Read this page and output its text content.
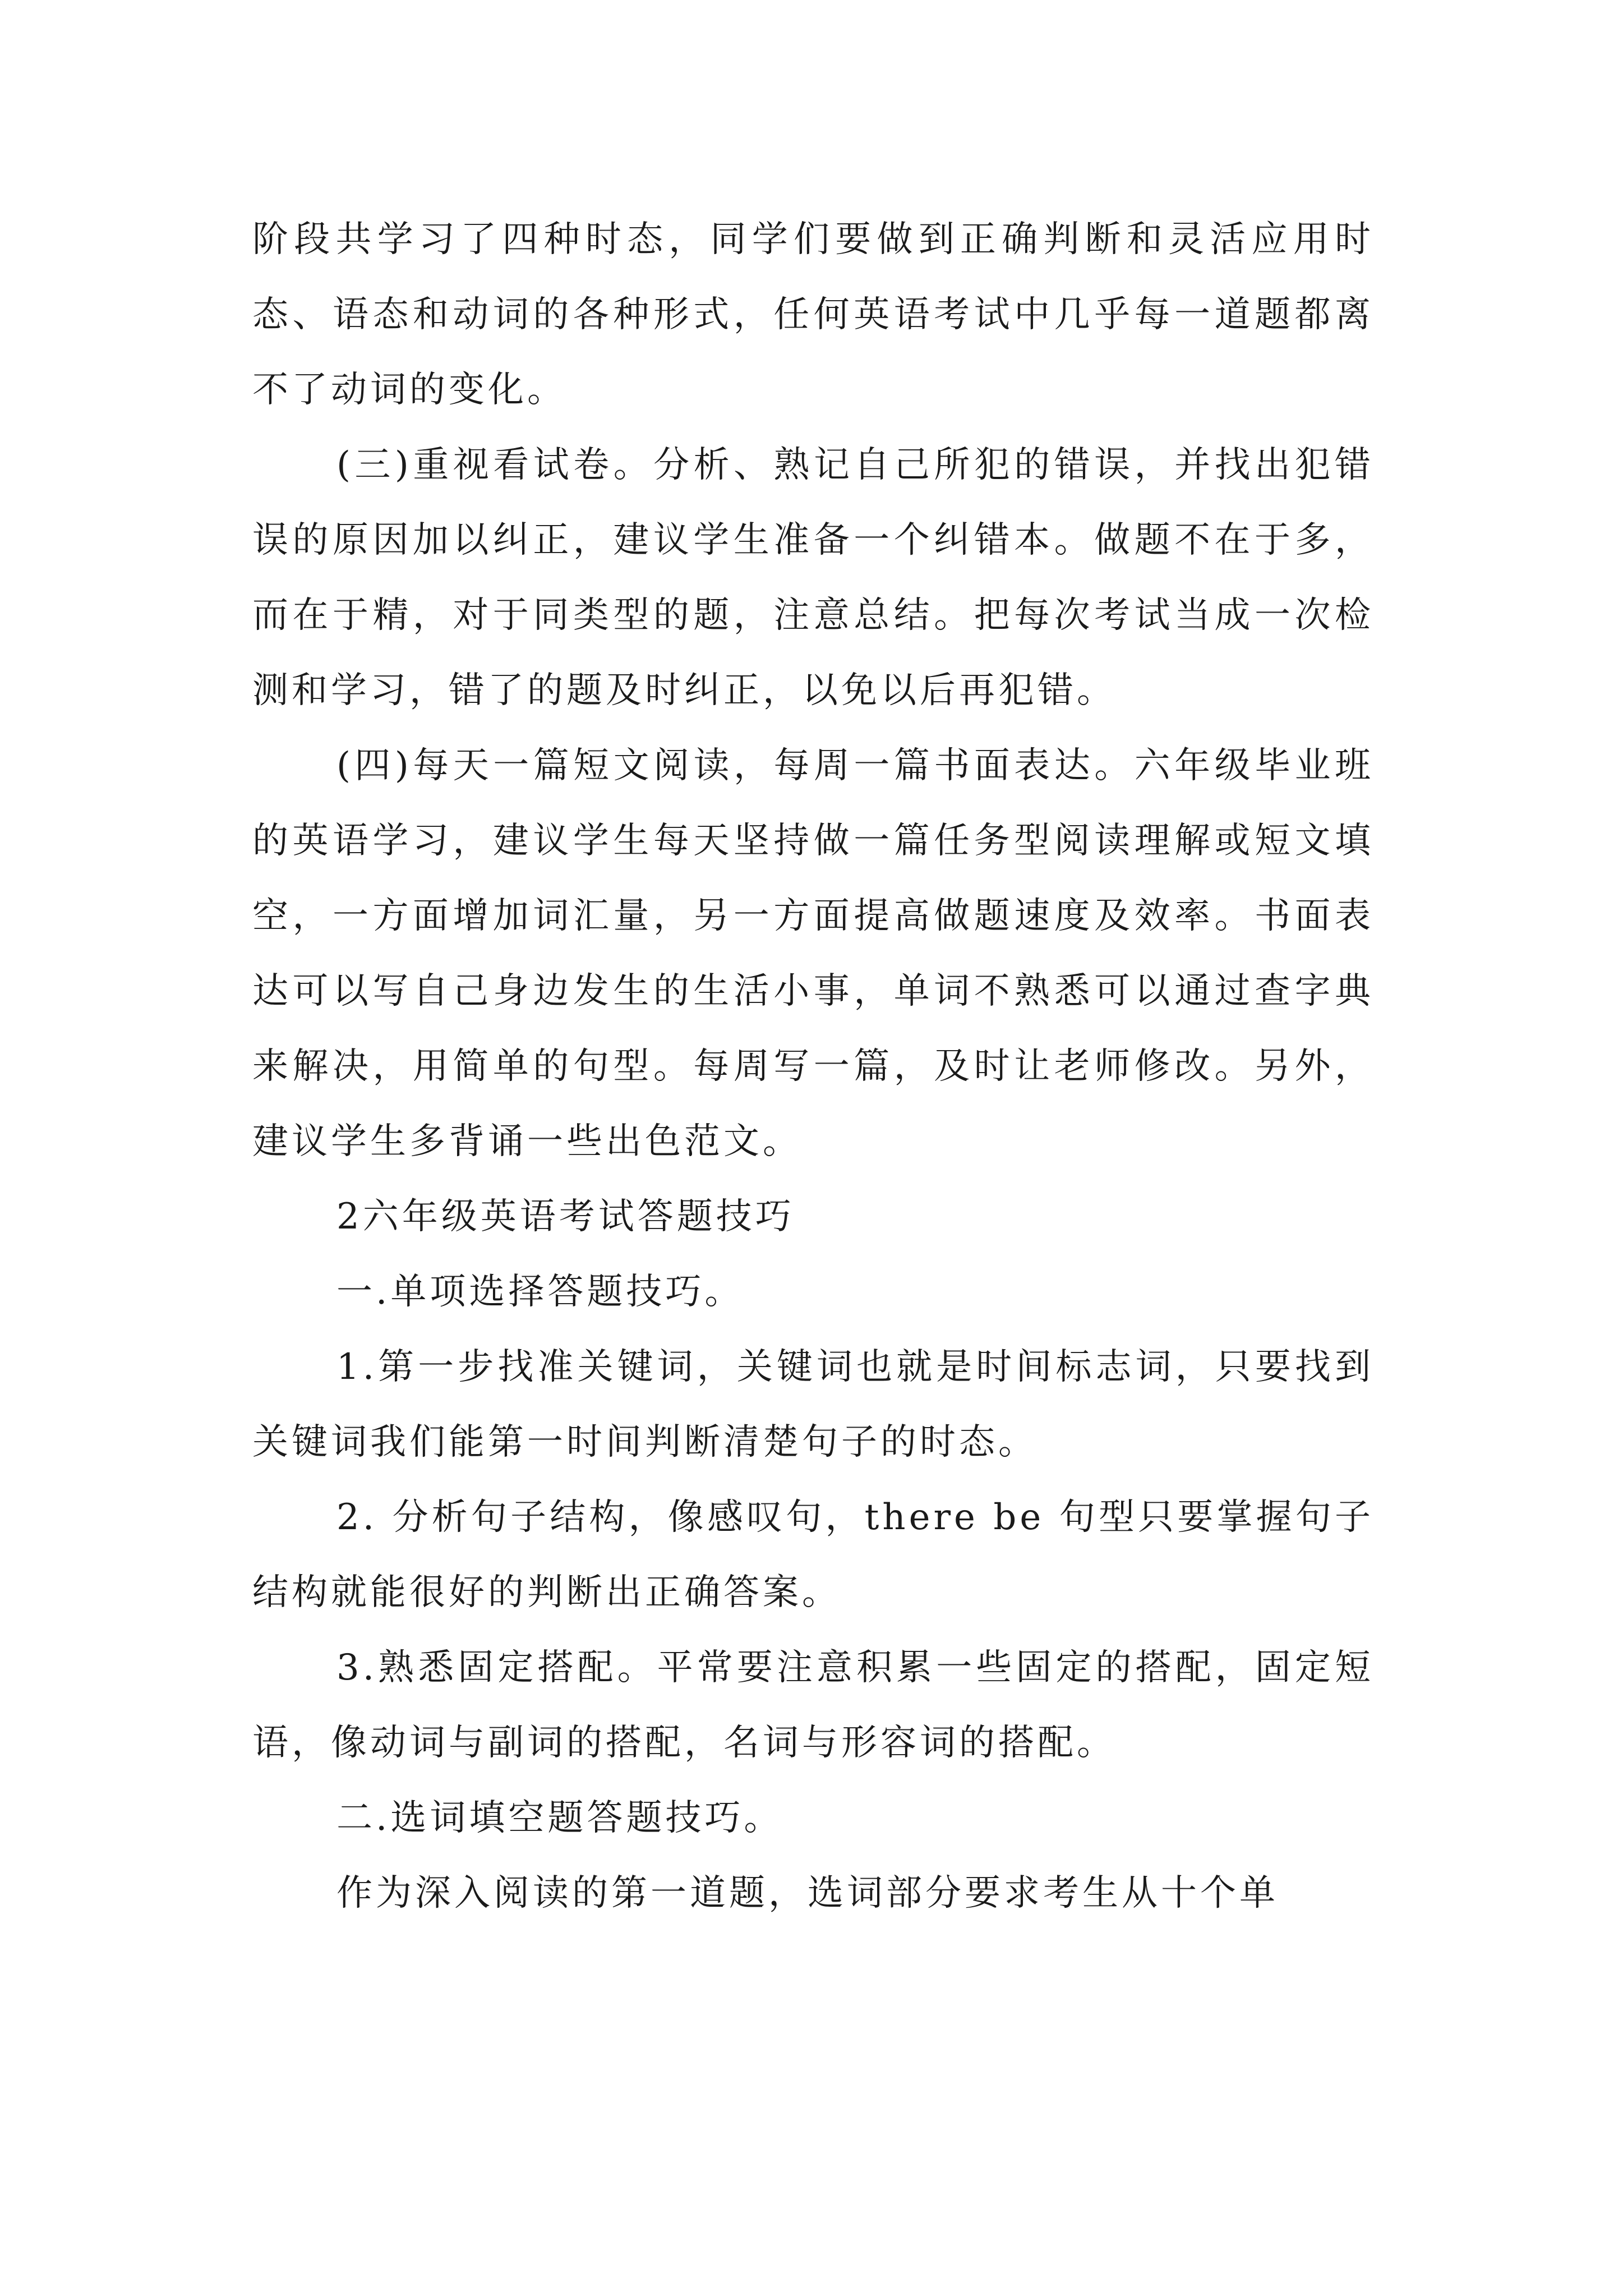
阶段共学习了四种时态，同学们要做到正确判断和灵活应用时态、语态和动词的各种形式，任何英语考试中几乎每一道题都离不了动词的变化。

(三)重视看试卷。分析、熟记自己所犯的错误，并找出犯错误的原因加以纠正，建议学生准备一个纠错本。做题不在于多，而在于精，对于同类型的题，注意总结。把每次考试当成一次检测和学习，错了的题及时纠正，以免以后再犯错。

(四)每天一篇短文阅读，每周一篇书面表达。六年级毕业班的英语学习，建议学生每天坚持做一篇任务型阅读理解或短文填空，一方面增加词汇量，另一方面提高做题速度及效率。书面表达可以写自己身边发生的生活小事，单词不熟悉可以通过查字典来解决，用简单的句型。每周写一篇，及时让老师修改。另外，建议学生多背诵一些出色范文。

2六年级英语考试答题技巧

一.单项选择答题技巧。

1.第一步找准关键词，关键词也就是时间标志词，只要找到关键词我们能第一时间判断清楚句子的时态。

2. 分析句子结构，像感叹句，there be 句型只要掌握句子结构就能很好的判断出正确答案。

3.熟悉固定搭配。平常要注意积累一些固定的搭配，固定短语，像动词与副词的搭配，名词与形容词的搭配。

二.选词填空题答题技巧。

作为深入阅读的第一道题，选词部分要求考生从十个单
